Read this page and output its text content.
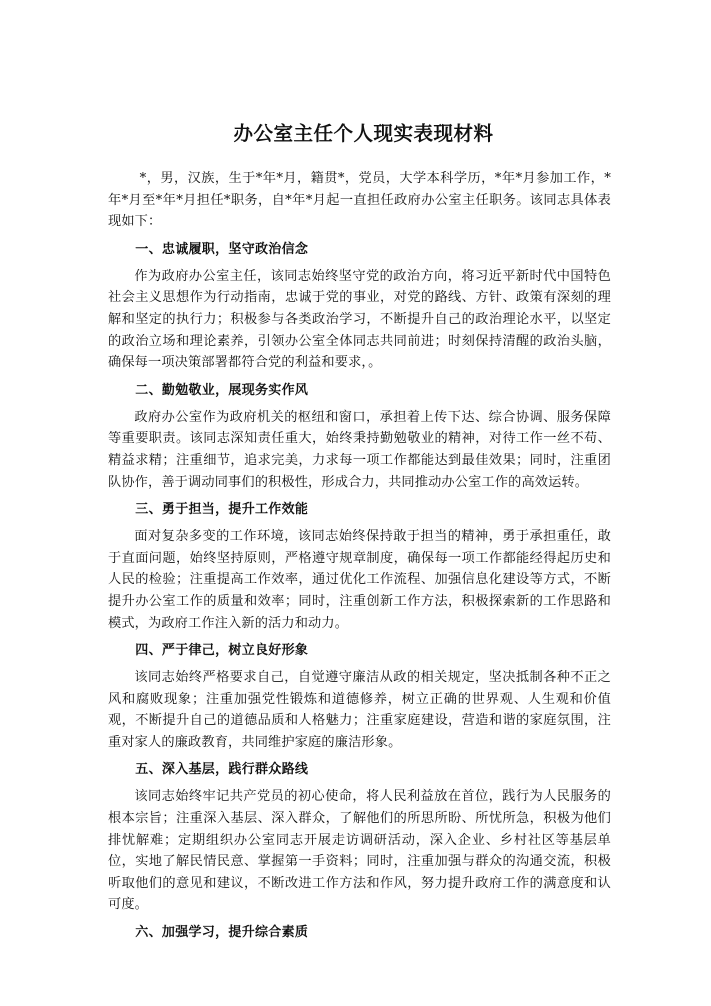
办公室主任个人现实表现材料

*，男，汉族，生于*年*月，籍贯*，党员，大学本科学历，*年*月参加工作，*年*月至*年*月担任*职务，自*年*月起一直担任政府办公室主任职务。该同志具体表现如下：

一、忠诚履职，坚守政治信念

作为政府办公室主任，该同志始终坚守党的政治方向，将习近平新时代中国特色社会主义思想作为行动指南，忠诚于党的事业，对党的路线、方针、政策有深刻的理解和坚定的执行力；积极参与各类政治学习，不断提升自己的政治理论水平，以坚定的政治立场和理论素养，引领办公室全体同志共同前进；时刻保持清醒的政治头脑，确保每一项决策部署都符合党的利益和要求，。

二、勤勉敬业，展现务实作风

政府办公室作为政府机关的枢纽和窗口，承担着上传下达、综合协调、服务保障等重要职责。该同志深知责任重大，始终秉持勤勉敬业的精神，对待工作一丝不苟、精益求精；注重细节，追求完美，力求每一项工作都能达到最佳效果；同时，注重团队协作，善于调动同事们的积极性，形成合力，共同推动办公室工作的高效运转。

三、勇于担当，提升工作效能

面对复杂多变的工作环境，该同志始终保持敢于担当的精神，勇于承担重任，敢于直面问题，始终坚持原则，严格遵守规章制度，确保每一项工作都能经得起历史和人民的检验；注重提高工作效率，通过优化工作流程、加强信息化建设等方式，不断提升办公室工作的质量和效率；同时，注重创新工作方法，积极探索新的工作思路和模式，为政府工作注入新的活力和动力。

四、严于律己，树立良好形象

该同志始终严格要求自己，自觉遵守廉洁从政的相关规定，坚决抵制各种不正之风和腐败现象；注重加强党性锻炼和道德修养，树立正确的世界观、人生观和价值观，不断提升自己的道德品质和人格魅力；注重家庭建设，营造和谐的家庭氛围，注重对家人的廉政教育，共同维护家庭的廉洁形象。

五、深入基层，践行群众路线

该同志始终牢记共产党员的初心使命，将人民利益放在首位，践行为人民服务的根本宗旨；注重深入基层、深入群众，了解他们的所思所盼、所忧所急，积极为他们排忧解难；定期组织办公室同志开展走访调研活动，深入企业、乡村社区等基层单位，实地了解民情民意、掌握第一手资料；同时，注重加强与群众的沟通交流，积极听取他们的意见和建议，不断改进工作方法和作风，努力提升政府工作的满意度和认可度。

六、加强学习，提升综合素质
